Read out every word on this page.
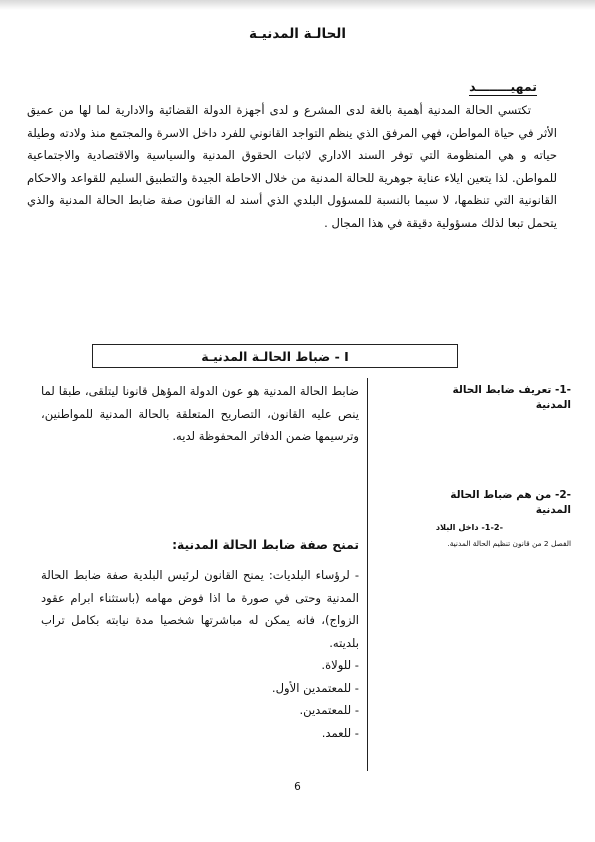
الحالـة المدنيـة
تمهيــــــــد

تكتسي الحالة المدنية أهمية بالغة لدى المشرع و لدى أجهزة الدولة القضائية والادارية لما لها من عميق الأثر في حياة المواطن، فهي المرفق الذي ينظم التواجد القانوني للفرد داخل الاسرة والمجتمع منذ ولادته وطيلة حياته و هي المنظومة التي توفر السند الاداري لاثبات الحقوق المدنية والسياسية والاقتصادية والاجتماعية للمواطن. لذا يتعين ايلاء عناية جوهرية للحالة المدنية من خلال الاحاطة الجيدة والتطبيق السليم للقواعد والاحكام القانونية التي تنظمها، لا سيما بالنسبة للمسؤول البلدي الذي أسند له القانون صفة ضابط الحالة المدنية والذي يتحمل تبعا لذلك مسؤولية دقيقة في هذا المجال .

I - ضباط الحالـة المدنيـة

-1- تعريف ضابط الحالة المدنية

-2- من هم ضباط الحالة المدنية

-1-2- داخل البلاد

الفصل 2 من قانون تنظيم الحالة المدنية.

ضابط الحالة المدنية هو عون الدولة المؤهل قانونا ليتلقى، طبقا لما ينص عليه القانون، التصاريح المتعلقة بالحالة المدنية للمواطنين، وترسيمها ضمن الدفاتر المحفوظة لديه.

تمنح صفة ضابط الحالة المدنية:
- لرؤساء البلديات: يمنح القانون لرئيس البلدية صفة ضابط الحالة المدنية وحتى في صورة ما اذا فوض مهامه (باستثناء ابرام عقود الزواج)، فانه يمكن له مباشرتها شخصيا مدة نيابته بكامل تراب بلديته.
- للولاة.
- للمعتمدين الأول.
- للمعتمدين.
- للعمد.
6
